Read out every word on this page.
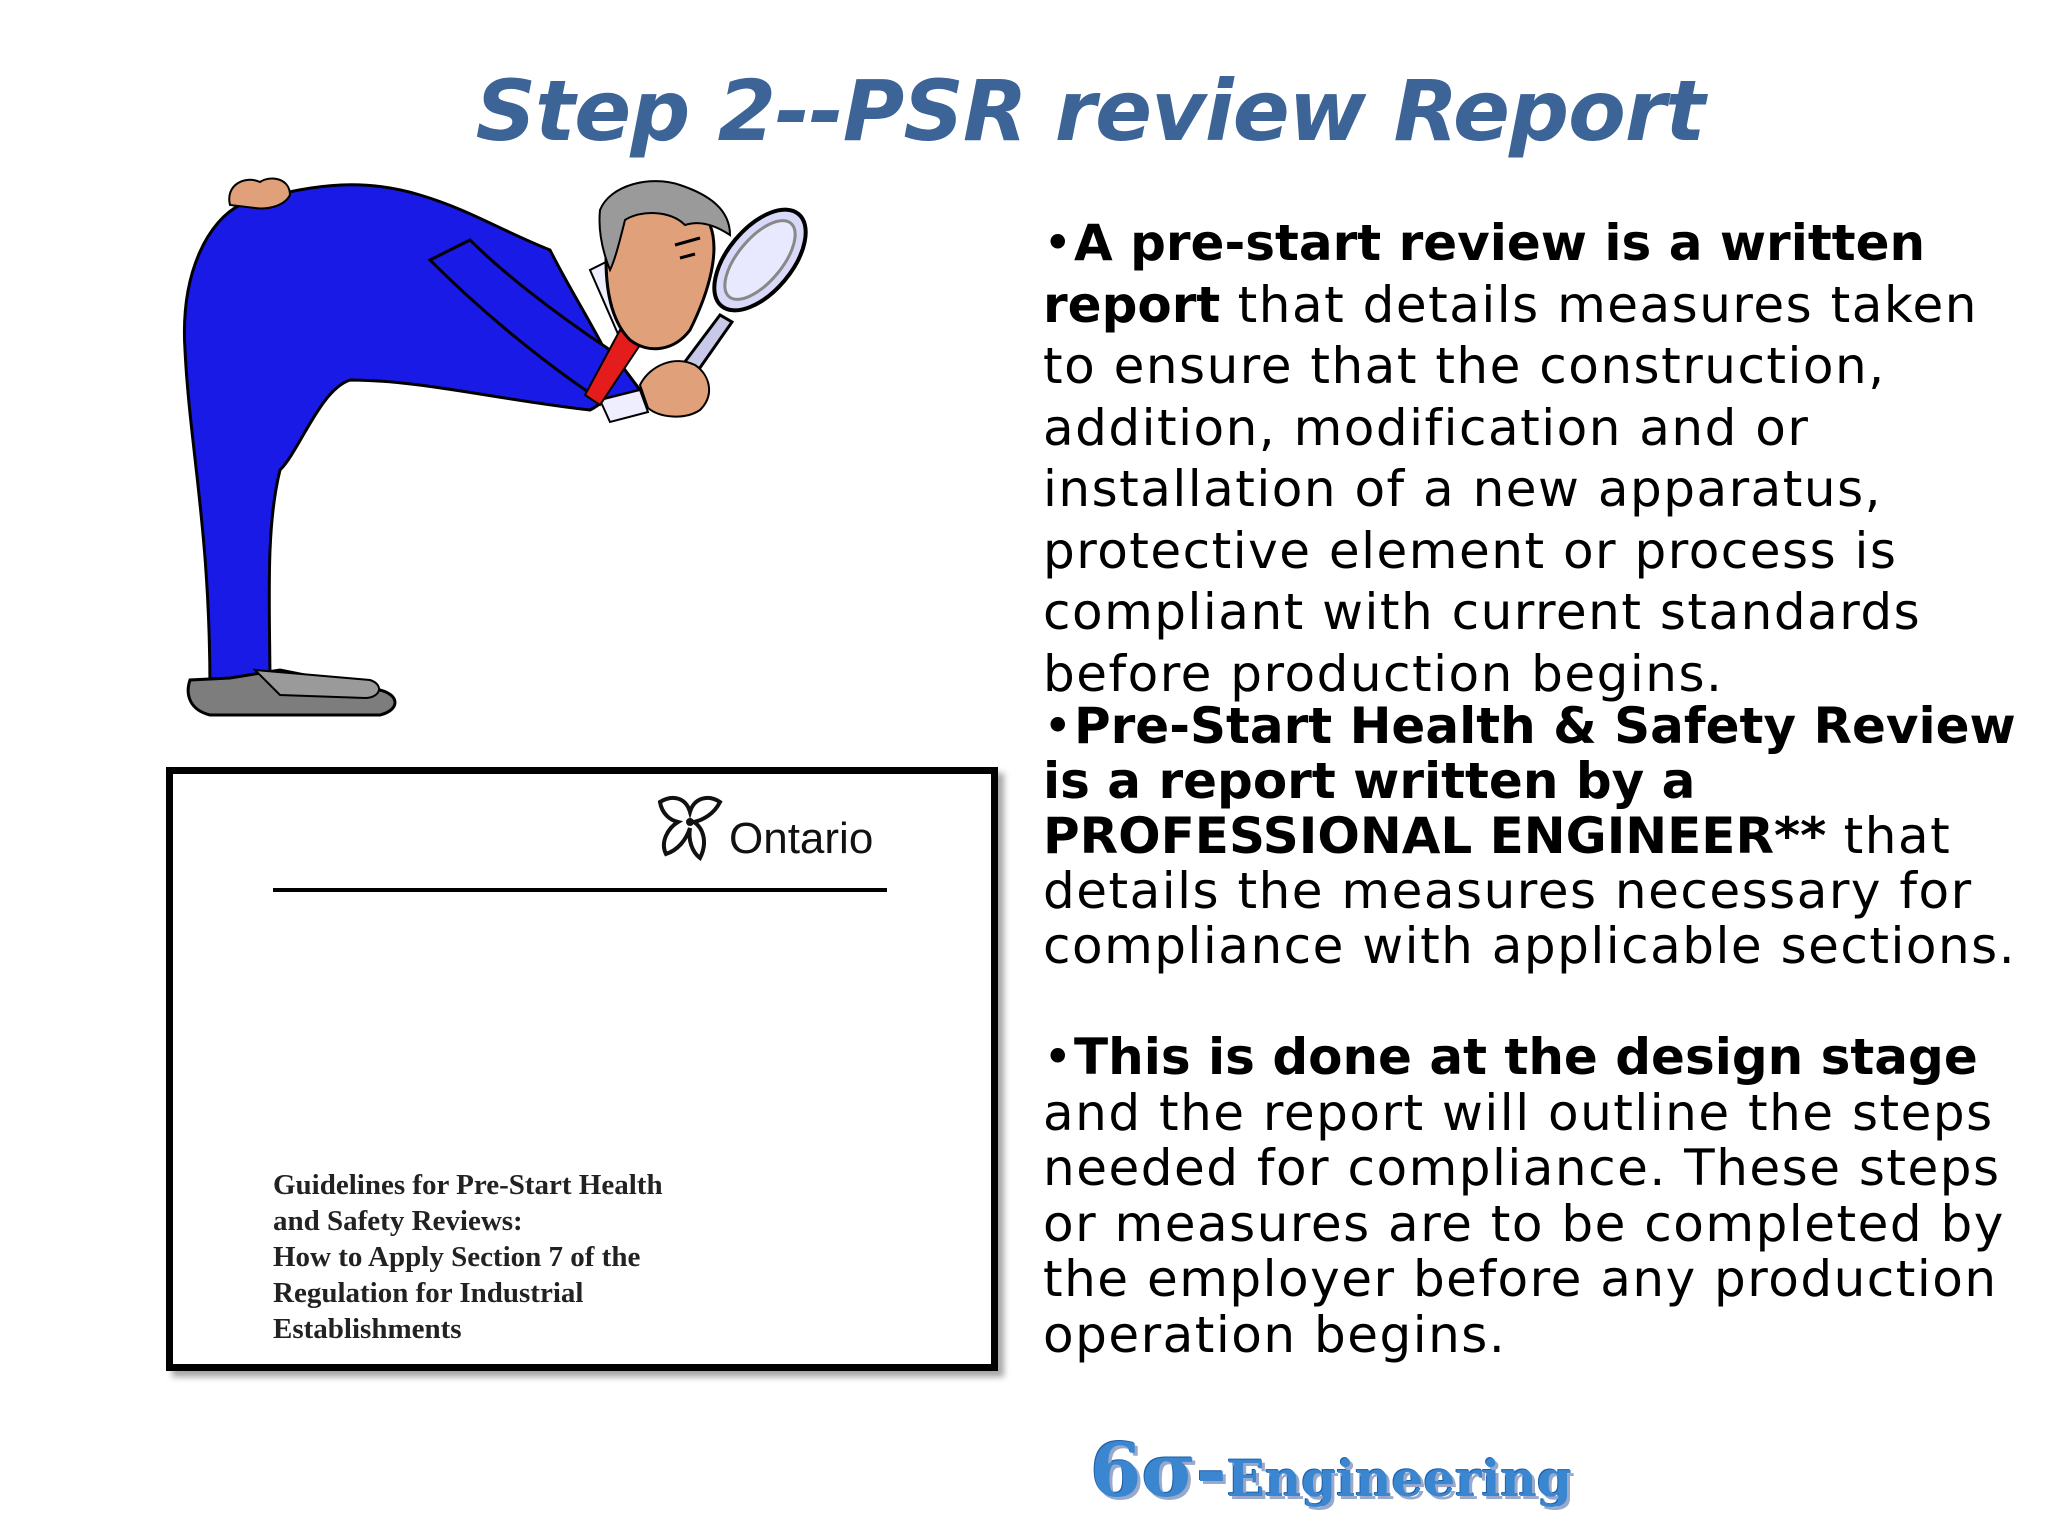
Step 2--PSR review Report
Ontario
Guidelines for Pre-Start Health
and Safety Reviews:
How to Apply Section 7 of the
Regulation for Industrial
Establishments
•A pre-start review is a written report that details measures taken to ensure that the construction, addition, modification and or installation of a new apparatus, protective element or process is compliant with current standards before production begins.
•Pre-Start Health & Safety Review is a report written by a PROFESSIONAL ENGINEER** that details the measures necessary for compliance with applicable sections.
•This is done at the design stage and the report will outline the steps needed for compliance. These steps or measures are to be completed by the employer before any production operation begins.
6σ-Engineering
